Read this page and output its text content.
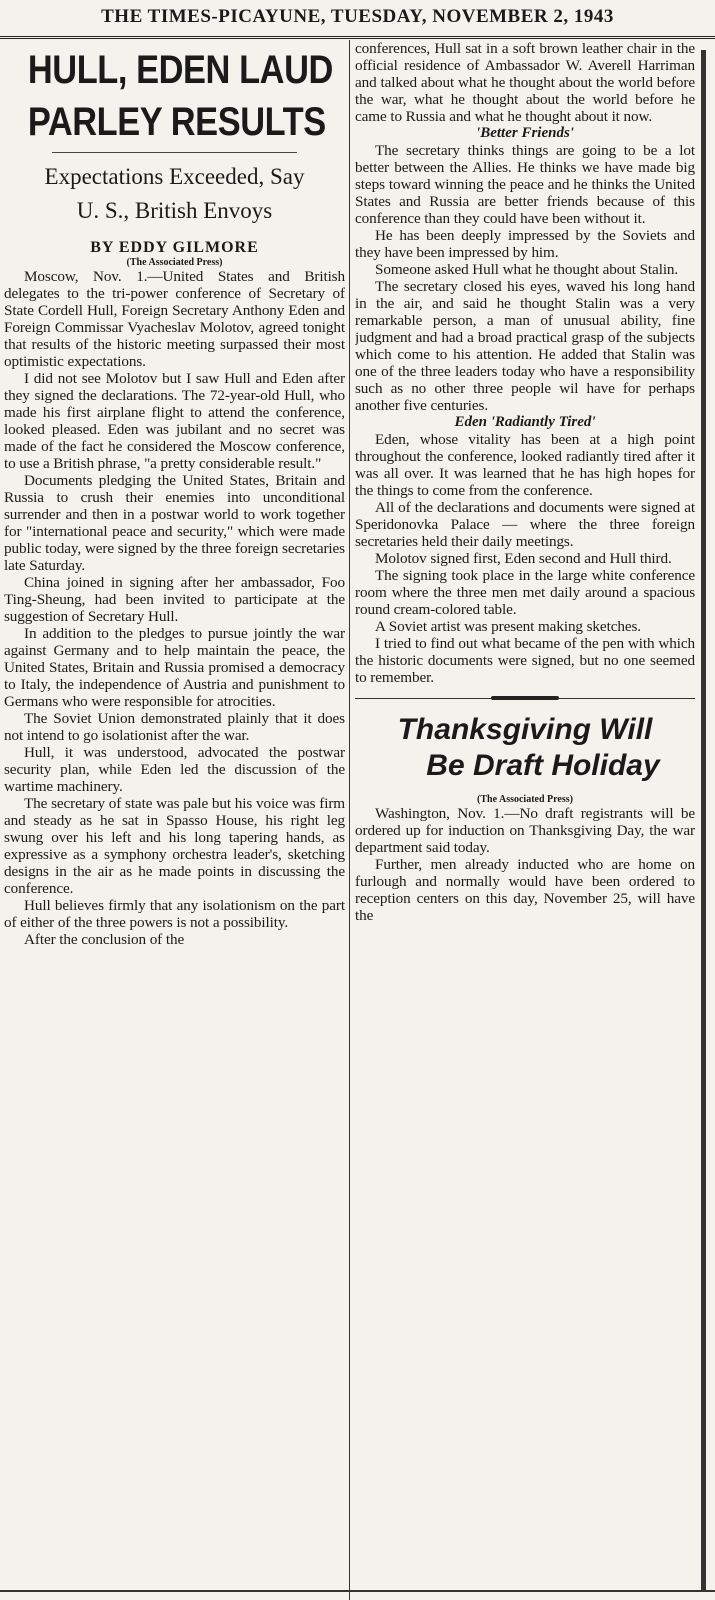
THE TIMES-PICAYUNE, TUESDAY, NOVEMBER 2, 1943
HULL, EDEN LAUD
PARLEY RESULTS
Expectations Exceeded, Say
U. S., British Envoys
BY EDDY GILMORE
(The Associated Press)

Moscow, Nov. 1.—United States and British delegates to the tri-power conference of Secretary of State Cordell Hull, Foreign Secretary Anthony Eden and Foreign Commissar Vyacheslav Molotov, agreed tonight that results of the historic meeting surpassed their most optimistic expectations.

I did not see Molotov but I saw Hull and Eden after they signed the declarations. The 72-year-old Hull, who made his first airplane flight to attend the conference, looked pleased. Eden was jubilant and no secret was made of the fact he considered the Moscow conference, to use a British phrase, "a pretty considerable result."

Documents pledging the United States, Britain and Russia to crush their enemies into unconditional surrender and then in a postwar world to work together for "international peace and security," which were made public today, were signed by the three foreign secretaries late Saturday.

China joined in signing after her ambassador, Foo Ting-Sheung, had been invited to participate at the suggestion of Secretary Hull.

In addition to the pledges to pursue jointly the war against Germany and to help maintain the peace, the United States, Britain and Russia promised a democracy to Italy, the independence of Austria and punishment to Germans who were responsible for atrocities.

The Soviet Union demonstrated plainly that it does not intend to go isolationist after the war.

Hull, it was understood, advocated the postwar security plan, while Eden led the discussion of the wartime machinery.

The secretary of state was pale but his voice was firm and steady as he sat in Spasso House, his right leg swung over his left and his long tapering hands, as expressive as a symphony orchestra leader's, sketching designs in the air as he made points in discussing the conference.

Hull believes firmly that any isolationism on the part of either of the three powers is not a possibility.

After the conclusion of the

conferences, Hull sat in a soft brown leather chair in the official residence of Ambassador W. Averell Harriman and talked about what he thought about the world before the war, what he thought about the world before he came to Russia and what he thought about it now.

'Better Friends'

The secretary thinks things are going to be a lot better between the Allies. He thinks we have made big steps toward winning the peace and he thinks the United States and Russia are better friends because of this conference than they could have been without it.

He has been deeply impressed by the Soviets and they have been impressed by him.

Someone asked Hull what he thought about Stalin.

The secretary closed his eyes, waved his long hand in the air, and said he thought Stalin was a very remarkable person, a man of unusual ability, fine judgment and had a broad practical grasp of the subjects which come to his attention. He added that Stalin was one of the three leaders today who have a responsibility such as no other three people wil have for perhaps another five centuries.

Eden 'Radiantly Tired'

Eden, whose vitality has been at a high point throughout the conference, looked radiantly tired after it was all over. It was learned that he has high hopes for the things to come from the conference.

All of the declarations and documents were signed at Speridonovka Palace — where the three foreign secretaries held their daily meetings.

Molotov signed first, Eden second and Hull third.

The signing took place in the large white conference room where the three men met daily around a spacious round cream-colored table.

A Soviet artist was present making sketches.

I tried to find out what became of the pen with which the historic documents were signed, but no one seemed to remember.

Thanksgiving Will
Be Draft Holiday
(The Associated Press)

Washington, Nov. 1.—No draft registrants will be ordered up for induction on Thanksgiving Day, the war department said today.

Further, men already inducted who are home on furlough and normally would have been ordered to reception centers on this day, November 25, will have the
